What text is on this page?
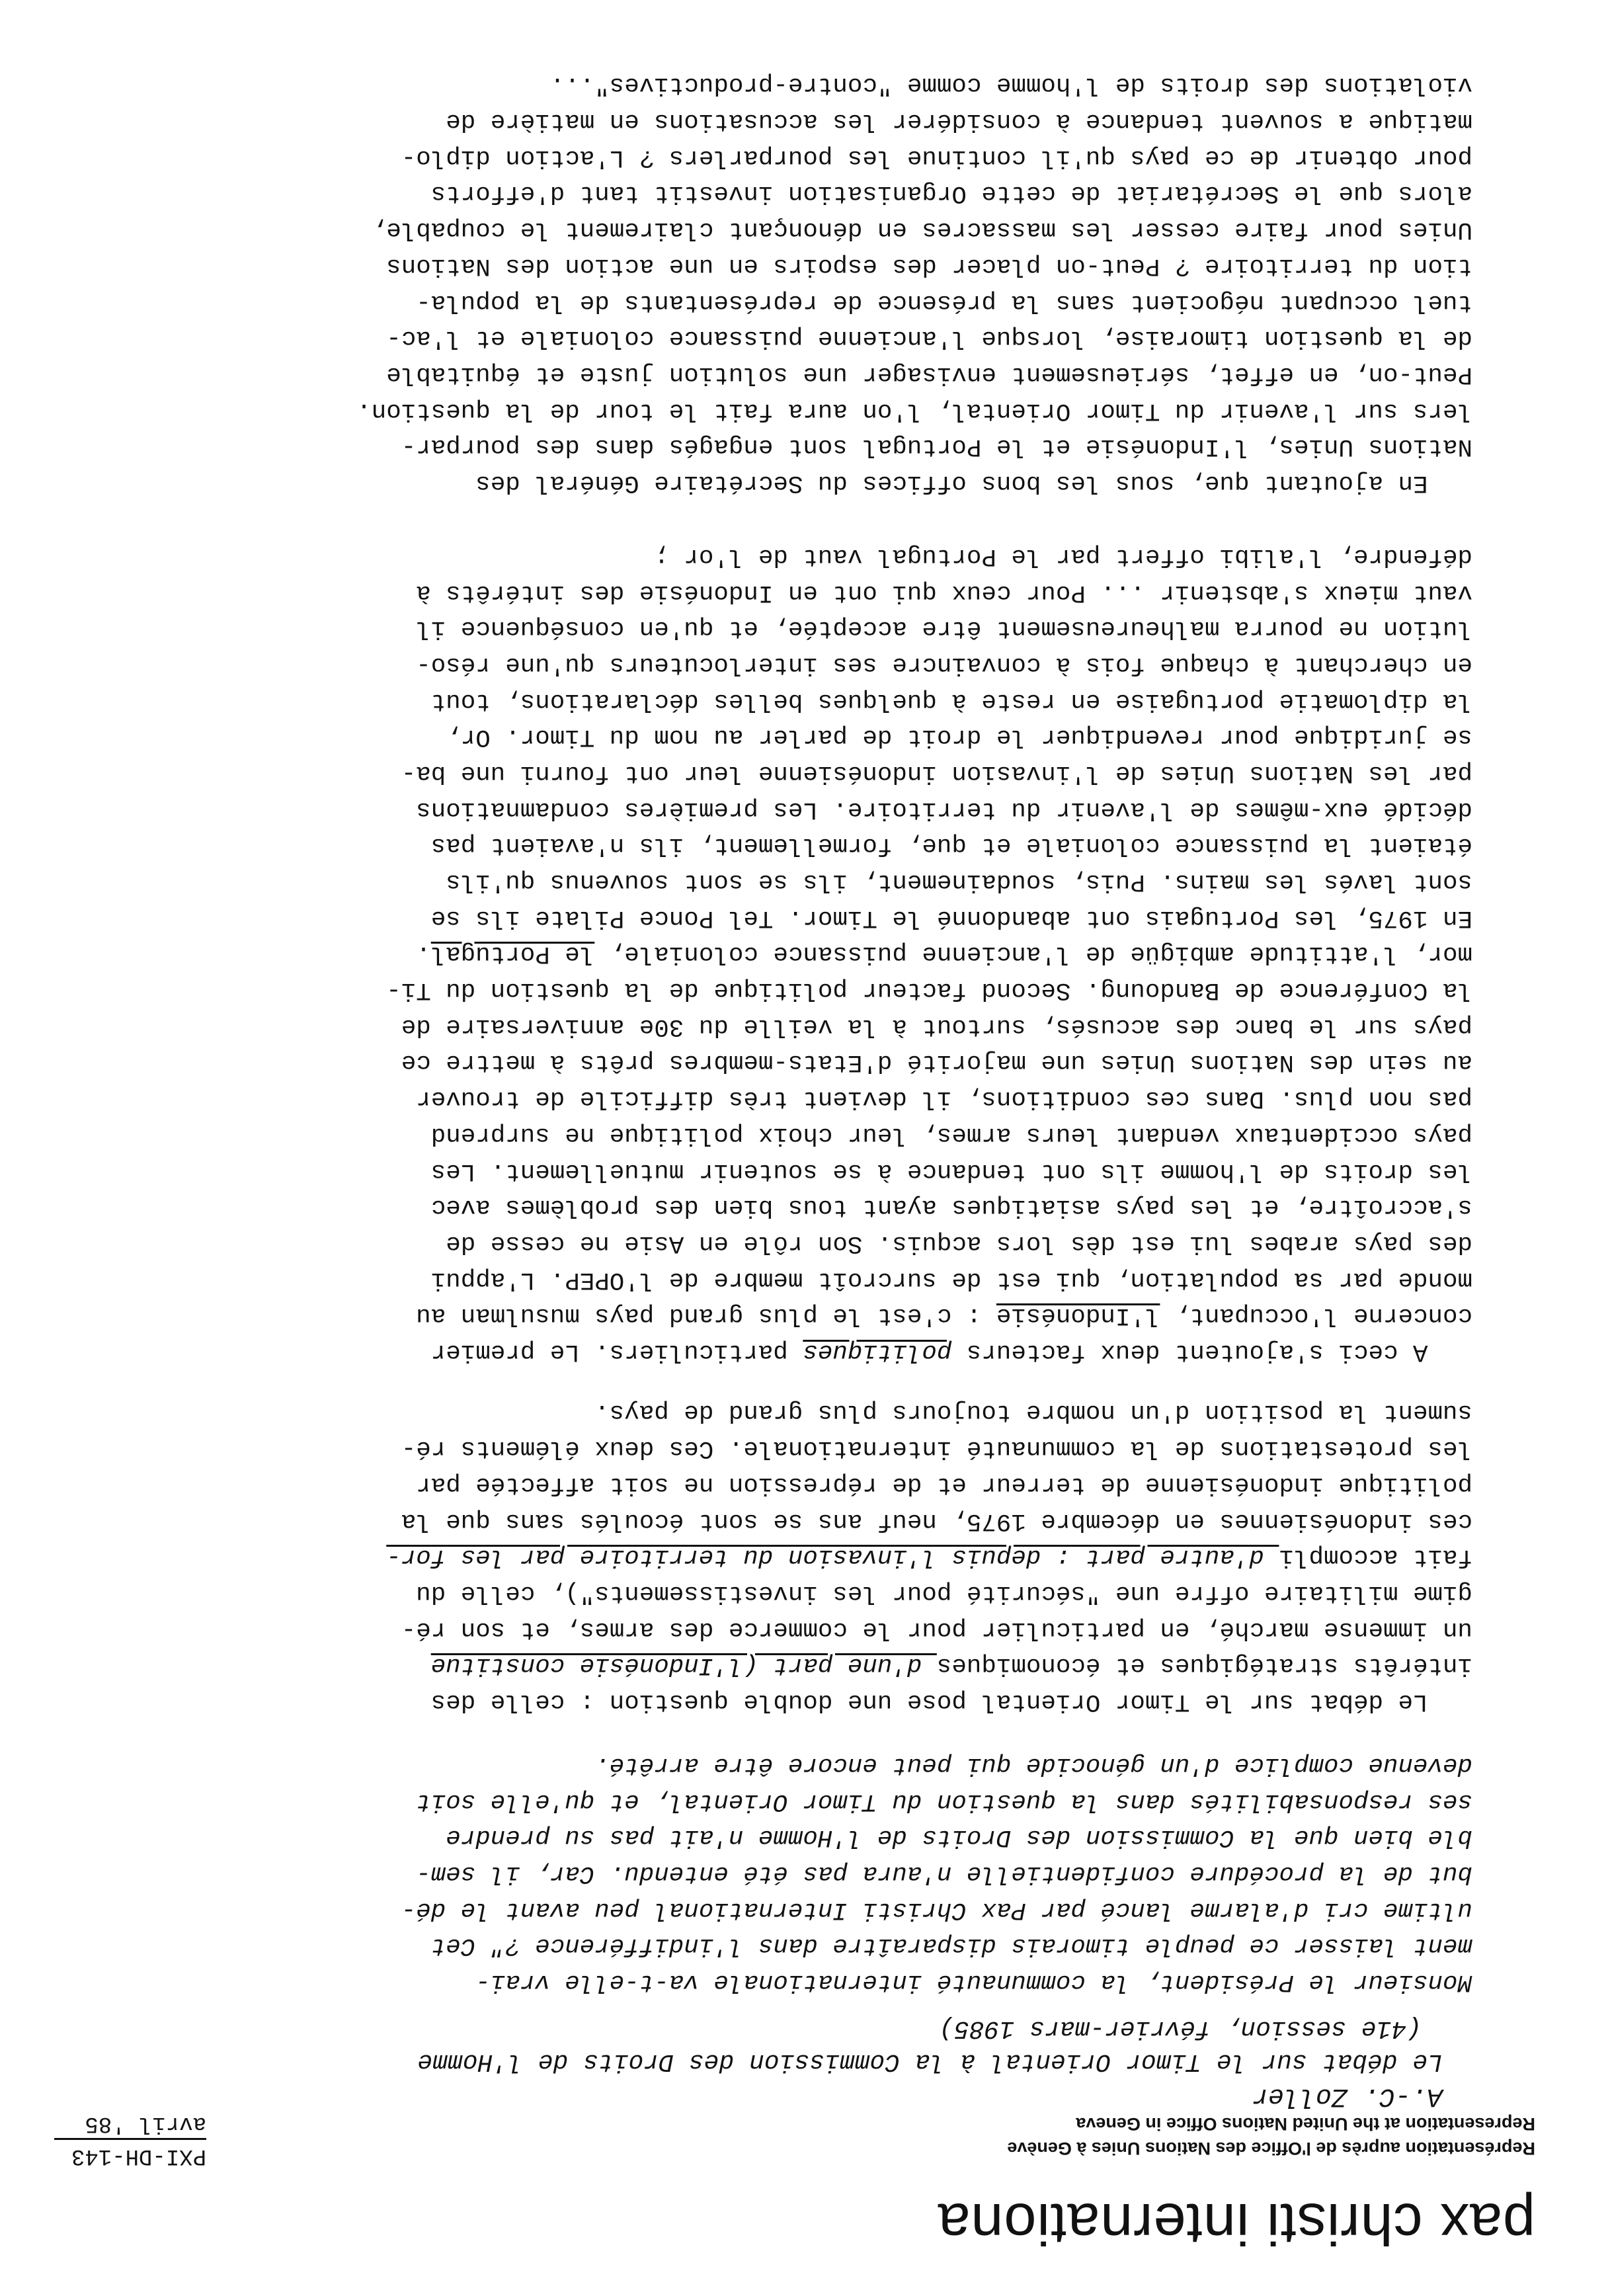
pax christi internationa
PXI-DH-143
avril '85
Représentation auprès de l'Office des Nations Unies à Genève
Representation at the United Nations Office in Geneva
A.-C. Zoller
Le débat sur le Timor Oriental à la Commission des Droits de l'Homme
(41e session, février-mars 1985)
Monsieur le Président, la communauté internationale va-t-elle vrai-
ment laisser ce peuple timorais disparaître dans l'indifférence ?" Cet
ultime cri d'alarme lancé par Pax Christi International peu avant le dé-
but de la procédure confidentielle n'aura pas été entendu. Car, il sem-
ble bien que la Commission des Droits de l'Homme n'ait pas su prendre
ses responsabilités dans la question du Timor Oriental, et qu'elle soit
devenue complice d'un génocide qui peut encore être arrêté.
Le débat sur le Timor Oriental pose une double question : celle des
intérêts stratégiques et économiques d'une part (l'Indonésie constitue
un immense marché, en particulier pour le commerce des armes, et son ré-
gime militaire offre une "sécurité pour les investissements"), celle du
fait accompli d'autre part : depuis l'invasion du territoire par les for-
ces indonésiennes en décembre 1975, neuf ans se sont écoulés sans que la
politique indonésienne de terreur et de répression ne soit affectée par
les protestations de la communauté internationale. Ces deux éléments ré-
sument la position d'un nombre toujours plus grand de pays.
A ceci s'ajoutent deux facteurs politiques particuliers. Le premier
concerne l'occupant, l'Indonésie : c'est le plus grand pays musulman au
monde par sa population, qui est de surcroît membre de l'OPEP. L'appui
des pays arabes lui est dès lors acquis. Son rôle en Asie ne cesse de
s'accroître, et les pays asiatiques ayant tous bien des problèmes avec
les droits de l'homme ils ont tendance à se soutenir mutuellement. Les
pays occidentaux vendant leurs armes, leur choix politique ne surprend
pas non plus. Dans ces conditions, il devient très difficile de trouver
au sein des Nations Unies une majorité d'Etats-membres prêts à mettre ce
pays sur le banc des accusés, surtout à la veille du 30e anniversaire de
la Conférence de Bandoung. Second facteur politique de la question du Ti-
mor, l'attitude ambigüe de l'ancienne puissance coloniale, le Portugal.
En 1975, les Portugais ont abandonné le Timor. Tel Ponce Pilate ils se
sont lavés les mains. Puis, soudainement, ils se sont souvenus qu'ils
étaient la puissance coloniale et que, formellement, ils n'avaient pas
décidé eux-mêmes de l'avenir du territoire. Les premières condamnations
par les Nations Unies de l'invasion indonésienne leur ont fourni une ba-
se juridique pour revendiquer le droit de parler au nom du Timor. Or,
la diplomatie portugaise en reste à quelques belles déclarations, tout
en cherchant à chaque fois à convaincre ses interlocuteurs qu'une réso-
lution ne pourra malheureusement être acceptée, et qu'en conséquence il
vaut mieux s'abstenir ... Pour ceux qui ont en Indonésie des intérêts à
défendre, l'alibi offert par le Portugal vaut de l'or ;
En ajoutant que, sous les bons offices du Secrétaire Général des
Nations Unies, l'Indonésie et le Portugal sont engagés dans des pourpar-
lers sur l'avenir du Timor Oriental, l'on aura fait le tour de la question.
Peut-on, en effet, sérieusement envisager une solution juste et équitable
de la question timoraise, lorsque l'ancienne puissance coloniale et l'ac-
tuel occupant négocient sans la présence de représentants de la popula-
tion du territoire ? Peut-on placer des espoirs en une action des Nations
Unies pour faire cesser les massacres en dénonçant clairement le coupable,
alors que le Secrétariat de cette Organisation investit tant d'efforts
pour obtenir de ce pays qu'il continue les pourparlers ? L'action diplo-
matique a souvent tendance à considérer les accusations en matière de
violations des droits de l'homme comme "contre-productives"...
